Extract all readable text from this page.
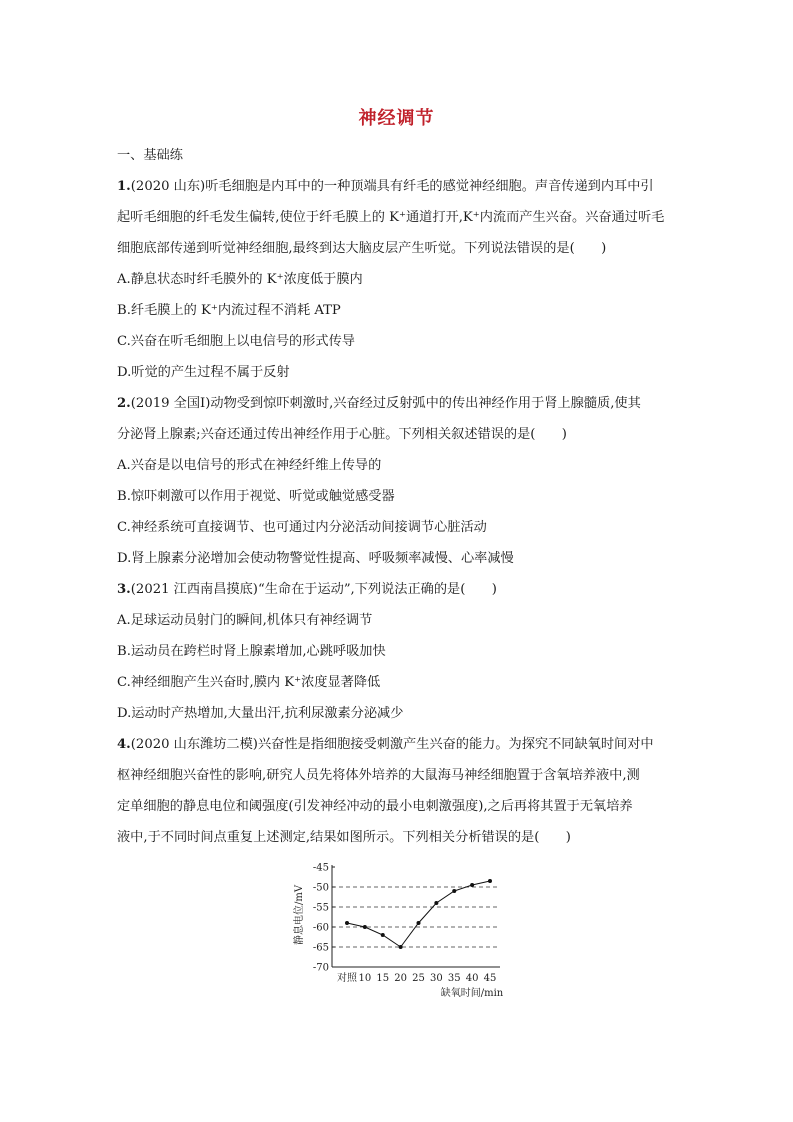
神经调节
一、基础练
1.(2020 山东)听毛细胞是内耳中的一种顶端具有纤毛的感觉神经细胞。声音传递到内耳中引
起听毛细胞的纤毛发生偏转,使位于纤毛膜上的 K⁺通道打开,K⁺内流而产生兴奋。兴奋通过听毛
细胞底部传递到听觉神经细胞,最终到达大脑皮层产生听觉。下列说法错误的是(　　)
A.静息状态时纤毛膜外的 K⁺浓度低于膜内
B.纤毛膜上的 K⁺内流过程不消耗 ATP
C.兴奋在听毛细胞上以电信号的形式传导
D.听觉的产生过程不属于反射
2.(2019 全国Ⅰ)动物受到惊吓刺激时,兴奋经过反射弧中的传出神经作用于肾上腺髓质,使其
分泌肾上腺素;兴奋还通过传出神经作用于心脏。下列相关叙述错误的是(　　)
A.兴奋是以电信号的形式在神经纤维上传导的
B.惊吓刺激可以作用于视觉、听觉或触觉感受器
C.神经系统可直接调节、也可通过内分泌活动间接调节心脏活动
D.肾上腺素分泌增加会使动物警觉性提高、呼吸频率减慢、心率减慢
3.(2021 江西南昌摸底)“生命在于运动”,下列说法正确的是(　　)
A.足球运动员射门的瞬间,机体只有神经调节
B.运动员在跨栏时肾上腺素增加,心跳呼吸加快
C.神经细胞产生兴奋时,膜内 K⁺浓度显著降低
D.运动时产热增加,大量出汗,抗利尿激素分泌减少
4.(2020 山东潍坊二模)兴奋性是指细胞接受刺激产生兴奋的能力。为探究不同缺氧时间对中
枢神经细胞兴奋性的影响,研究人员先将体外培养的大鼠海马神经细胞置于含氧培养液中,测
定单细胞的静息电位和阈强度(引发神经冲动的最小电刺激强度),之后再将其置于无氧培养
液中,于不同时间点重复上述测定,结果如图所示。下列相关分析错误的是(　　)
-45
-50
-55
-60
-65
-70
对照 10 15 20 25 30 35 40 45
静息电位/mV
缺氧时间/min
